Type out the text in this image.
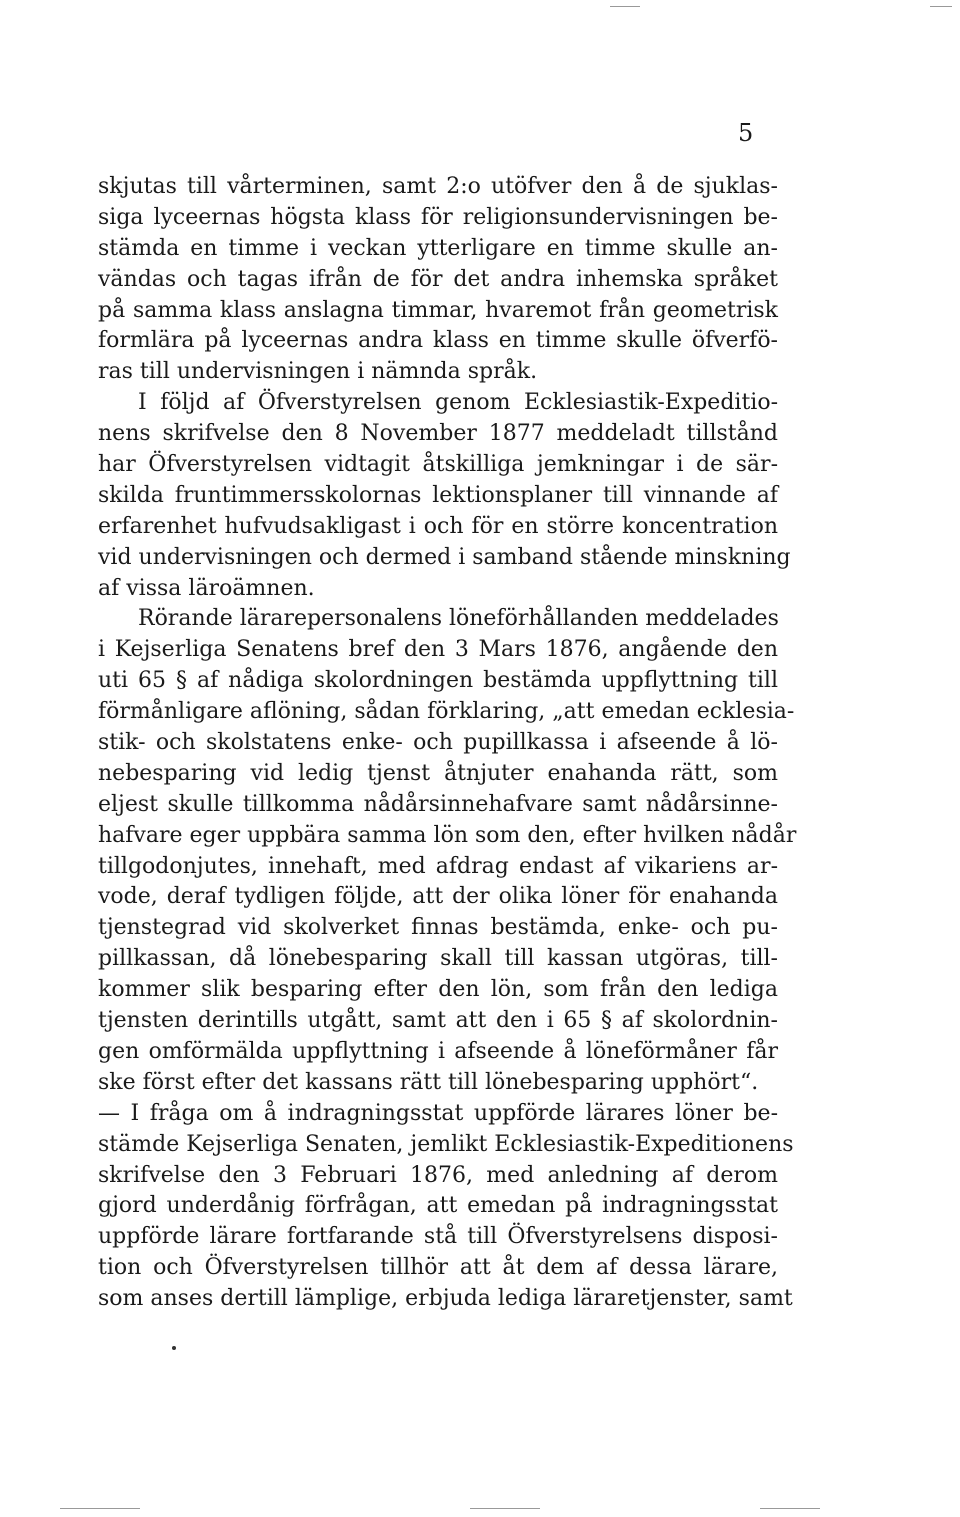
5
skjutas till vårterminen, samt 2:o utöfver den å de sjuklas-
siga lyceernas högsta klass för religionsundervisningen be-
stämda en timme i veckan ytterligare en timme skulle an-
vändas och tagas ifrån de för det andra inhemska språket
på samma klass anslagna timmar, hvaremot från geometrisk
formlära på lyceernas andra klass en timme skulle öfverfö-
ras till undervisningen i nämnda språk.
I följd af Öfverstyrelsen genom Ecklesiastik-Expeditio-
nens skrifvelse den 8 November 1877 meddeladt tillstånd
har Öfverstyrelsen vidtagit åtskilliga jemkningar i de sär-
skilda fruntimmersskolornas lektionsplaner till vinnande af
erfarenhet hufvudsakligast i och för en större koncentration
vid undervisningen och dermed i samband stående minskning
af vissa läroämnen.
Rörande lärarepersonalens löneförhållanden meddelades
i Kejserliga Senatens bref den 3 Mars 1876, angående den
uti 65 § af nådiga skolordningen bestämda uppflyttning till
förmånligare aflöning, sådan förklaring, „att emedan ecklesia-
stik- och skolstatens enke- och pupillkassa i afseende å lö-
nebesparing vid ledig tjenst åtnjuter enahanda rätt, som
eljest skulle tillkomma nådårsinnehafvare samt nådårsinne-
hafvare eger uppbära samma lön som den, efter hvilken nådår
tillgodonjutes, innehaft, med afdrag endast af vikariens ar-
vode, deraf tydligen följde, att der olika löner för enahanda
tjenstegrad vid skolverket finnas bestämda, enke- och pu-
pillkassan, då lönebesparing skall till kassan utgöras, till-
kommer slik besparing efter den lön, som från den lediga
tjensten derintills utgått, samt att den i 65 § af skolordnin-
gen omförmälda uppflyttning i afseende å löneförmåner får
ske först efter det kassans rätt till lönebesparing upphört“.
— I fråga om å indragningsstat uppförde lärares löner be-
stämde Kejserliga Senaten, jemlikt Ecklesiastik-Expeditionens
skrifvelse den 3 Februari 1876, med anledning af derom
gjord underdånig förfrågan, att emedan på indragningsstat
uppförde lärare fortfarande stå till Öfverstyrelsens disposi-
tion och Öfverstyrelsen tillhör att åt dem af dessa lärare,
som anses dertill lämplige, erbjuda lediga läraretjenster, samt
